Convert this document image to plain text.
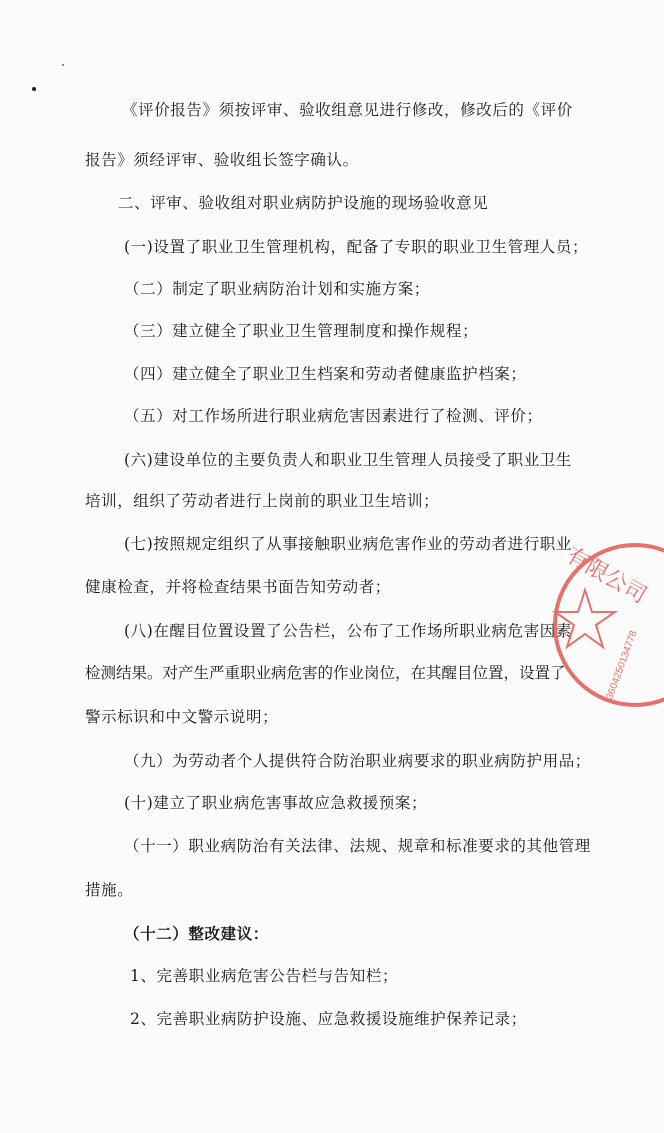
《评价报告》须按评审、验收组意见进行修改，修改后的《评价
报告》须经评审、验收组长签字确认。
二、评审、验收组对职业病防护设施的现场验收意见
(一)设置了职业卫生管理机构，配备了专职的职业卫生管理人员；
（二）制定了职业病防治计划和实施方案；
（三）建立健全了职业卫生管理制度和操作规程；
（四）建立健全了职业卫生档案和劳动者健康监护档案；
（五）对工作场所进行职业病危害因素进行了检测、评价；
(六)建设单位的主要负责人和职业卫生管理人员接受了职业卫生
培训，组织了劳动者进行上岗前的职业卫生培训；
(七)按照规定组织了从事接触职业病危害作业的劳动者进行职业
健康检查，并将检查结果书面告知劳动者；
(八)在醒目位置设置了公告栏，公布了工作场所职业病危害因素
检测结果。对产生严重职业病危害的作业岗位，在其醒目位置，设置了
警示标识和中文警示说明；
（九）为劳动者个人提供符合防治职业病要求的职业病防护用品；
(十)建立了职业病危害事故应急救援预案；
（十一）职业病防治有关法律、法规、规章和标准要求的其他管理
措施。
（十二）整改建议：
1、完善职业病危害公告栏与告知栏；
2、完善职业病防护设施、应急救援设施维护保养记录；
有限公司
3604250134778
